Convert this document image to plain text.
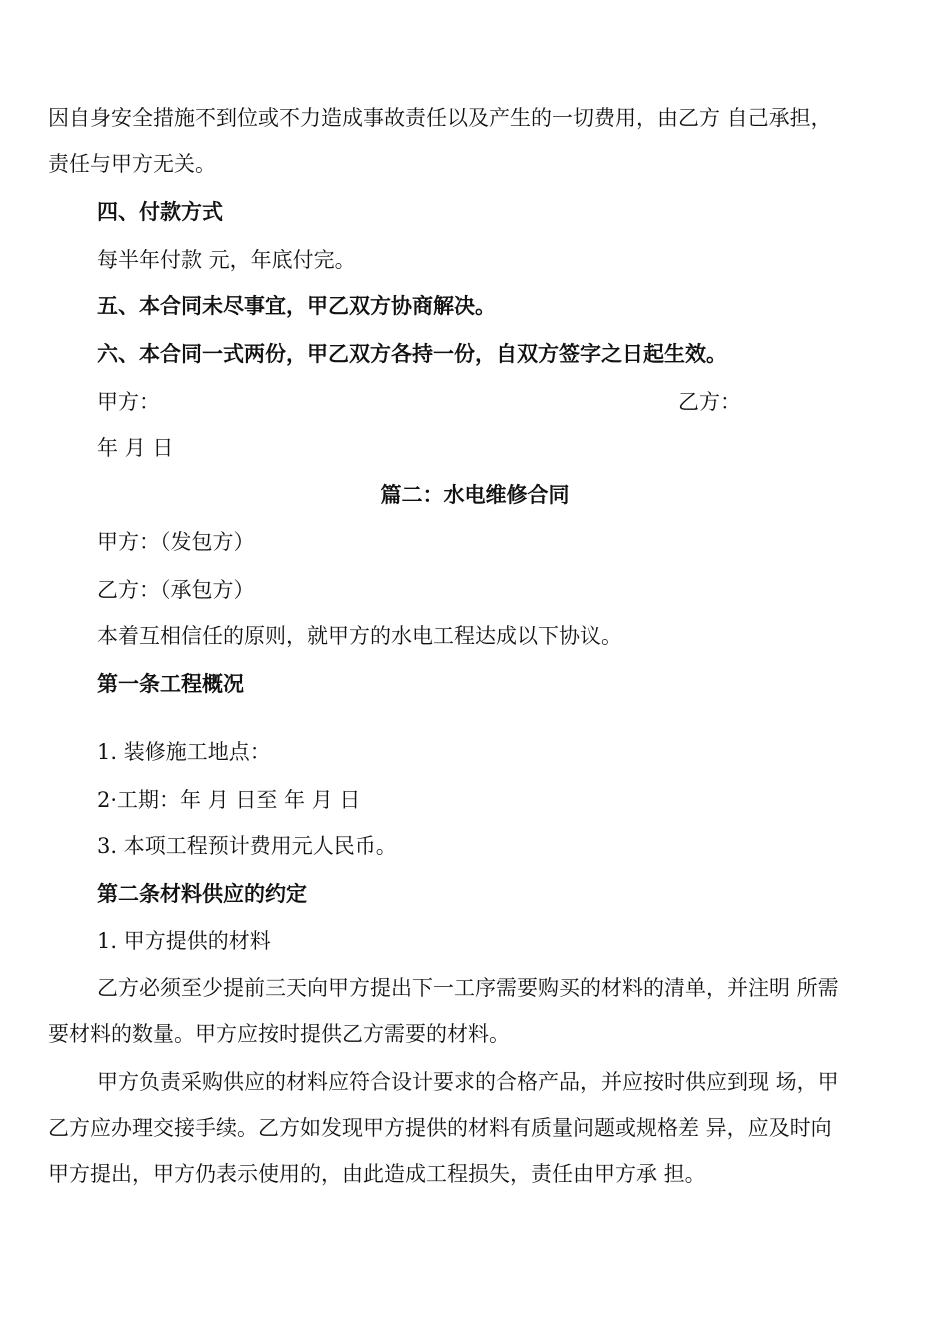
因自身安全措施不到位或不力造成事故责任以及产生的一切费用，由乙方 自己承担，
责任与甲方无关。
四、付款方式
每半年付款 元，年底付完。
五、本合同未尽事宜，甲乙双方协商解决。
六、本合同一式两份，甲乙双方各持一份，自双方签字之日起生效。
甲方：	乙方：
年 月 日
篇二：水电维修合同
甲方：（发包方）
乙方：（承包方）
本着互相信任的原则，就甲方的水电工程达成以下协议。
第一条工程概况
1. 装修施工地点：
2·工期：年 月 日至 年 月 日
3. 本项工程预计费用元人民币。
第二条材料供应的约定
1. 甲方提供的材料
乙方必须至少提前三天向甲方提出下一工序需要购买的材料的清单，并注明 所需
要材料的数量。甲方应按时提供乙方需要的材料。
甲方负责采购供应的材料应符合设计要求的合格产品，并应按时供应到现 场，甲
乙方应办理交接手续。乙方如发现甲方提供的材料有质量问题或规格差 异，应及时向
甲方提出，甲方仍表示使用的，由此造成工程损失，责任由甲方承 担。
